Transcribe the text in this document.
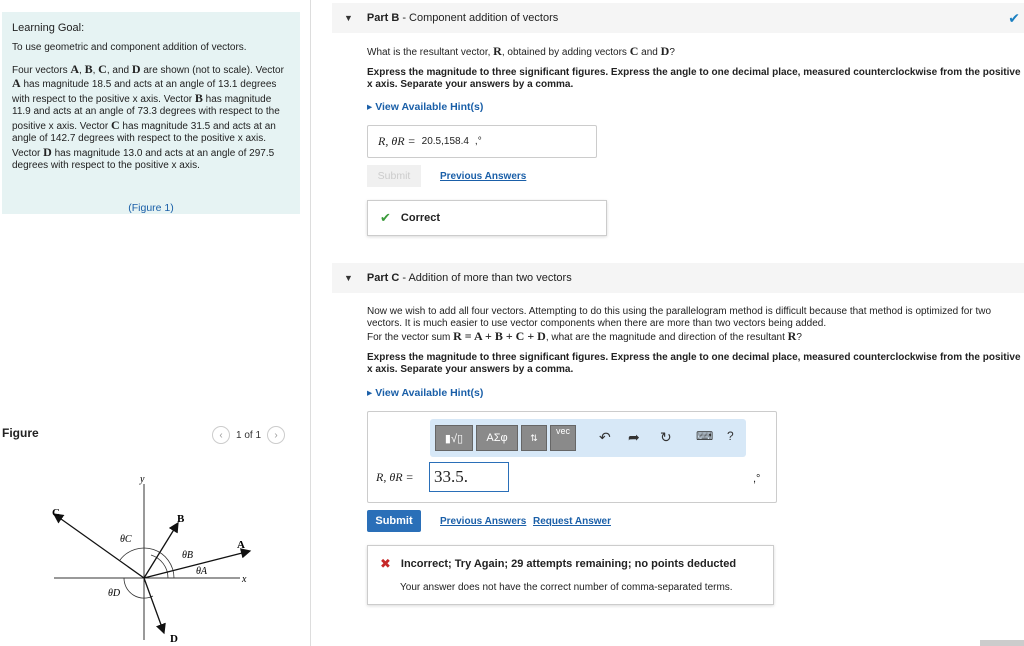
Learning Goal:

To use geometric and component addition of vectors.

Four vectors A, B, C, and D are shown (not to scale). Vector A has magnitude 18.5 and acts at an angle of 13.1 degrees with respect to the positive x axis. Vector B has magnitude 11.9 and acts at an angle of 73.3 degrees with respect to the positive x axis. Vector C has magnitude 31.5 and acts at an angle of 142.7 degrees with respect to the positive x axis. Vector D has magnitude 13.0 and acts at an angle of 297.5 degrees with respect to the positive x axis.

(Figure 1)
Figure	‹	1 of 1	›
y
x
A
B
C
D
θC
θB
θA
θD
▼ Part B - Component addition of vectors	✔
What is the resultant vector, R, obtained by adding vectors C and D?
Express the magnitude to three significant figures. Express the angle to one decimal place, measured counterclockwise from the positive x axis. Separate your answers by a comma.
▸ View Available Hint(s)
R, θR = 20.5,158.4 ,°
Submit	Previous Answers
✔ Correct
▼ Part C - Addition of more than two vectors
Now we wish to add all four vectors. Attempting to do this using the parallelogram method is difficult because that method is optimized for two vectors. It is much easier to use vector components when there are more than two vectors being added.
For the vector sum R = A + B + C + D, what are the magnitude and direction of the resultant R?
Express the magnitude to three significant figures. Express the angle to one decimal place, measured counterclockwise from the positive x axis. Separate your answers by a comma.
▸ View Available Hint(s)
▮√▯	ΑΣφ	⇅
vec	↶ ➦ ↻ ⌨ ?
R, θR = 33.5.	,°
Submit	Previous Answers Request Answer
✖ Incorrect; Try Again; 29 attempts remaining; no points deducted
Your answer does not have the correct number of comma-separated terms.
